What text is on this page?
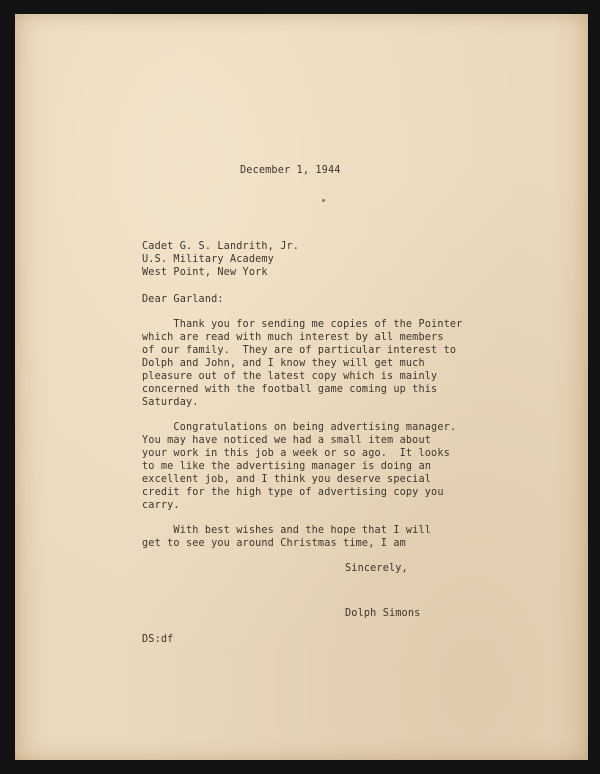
December 1, 1944
Cadet G. S. Landrith, Jr.
U.S. Military Academy
West Point, New York
Dear Garland:
Thank you for sending me copies of the Pointer
which are read with much interest by all members
of our family.  They are of particular interest to
Dolph and John, and I know they will get much
pleasure out of the latest copy which is mainly
concerned with the football game coming up this
Saturday.
Congratulations on being advertising manager.
You may have noticed we had a small item about
your work in this job a week or so ago.  It looks
to me like the advertising manager is doing an
excellent job, and I think you deserve special
credit for the high type of advertising copy you
carry.
With best wishes and the hope that I will
get to see you around Christmas time, I am
Sincerely,
Dolph Simons
DS:df
